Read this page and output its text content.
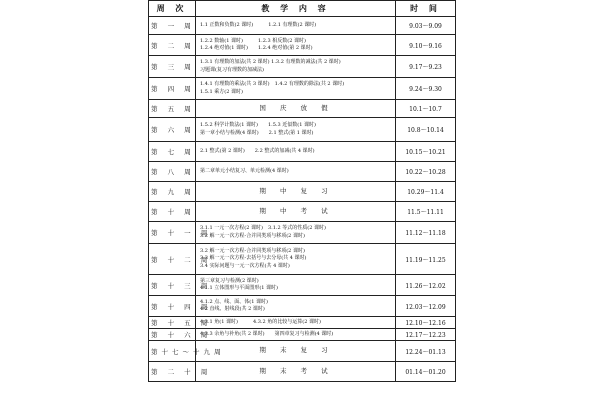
周 次	教 学 内 容	时 间
第 一 周	1.1 正数和负数(2 课时)　　　1.2.1 有理数(2 课时)	9.03～9.09
第 二 周	1.2.2 数轴(1 课时)　　　1.2.3 相反数(2 课时)
1.2.4 绝对值(1 课时)　　1.2.4 绝对值(第 2 课时)	9.10～9.16
第 三 周	1.3.1 有理数的加法(共 2 课时) 1.3.2 有理数的减法(共 2 课时)
习题课(复习有理数的加减法)	9.17～9.23
第 四 周	1.4.1 有理数的乘法(共 3 课时)　1.4.2 有理数的除法(共 2 课时)
1.5.1 乘方(2 课时)	9.24～9.30
第 五 周	国 庆 放 假	10.1～10.7
第 六 周	1.5.2 科学计数法(1 课时)　　1.5.3 近似数(1 课时)
第一章小结与检测(4 课时)　　2.1 整式(第 1 课时)	10.8～10.14
第 七 周	2.1 整式(第 2 课时)　　2.2 整式的加减(共 4 课时)	10.15～10.21
第 八 周	第二章单元小结复习、单元检测(4 课时)	10.22～10.28
第 九 周	期 中 复 习	10.29～11.4
第 十 周	期 中 考 试	11.5～11.11
第 十 一 周	3.1.1 一元一次方程(2 课时)　3.1.2 等式的性质(2 课时)
3.2 解一元一次方程-合并同类项与移项(2 课时)	11.12～11.18
第 十 二 周	3.2 解一元一次方程-合并同类项与移项(2 课时)
3.3 解一元一次方程-去括号与去分母(共 4 课时)
3.4 实际问题与一元一次方程(共 4 课时)	11.19～11.25
第 十 三 周	第三章复习与检测(2 课时)
4.1.1 立体图形与平面图形(1 课时)	11.26～12.02
第 十 四 周	4.1.2 点、线、面、体(1 课时)
4.2 直线、射线段(共 2 课时)	12.03～12.09
第 十 五 周	4.3.1 角(1 课时)　　　4.3.2 角的比较与运算(2 课时)	12.10～12.16
第 十 六 周	4.3.3 余角与补角(共 2 课时)　　第四章复习与检测(4 课时)	12.17～12.23
第十七～十九周	期 末 复 习	12.24～01.13
第 二 十 周	期 末 考 试	01.14～01.20
